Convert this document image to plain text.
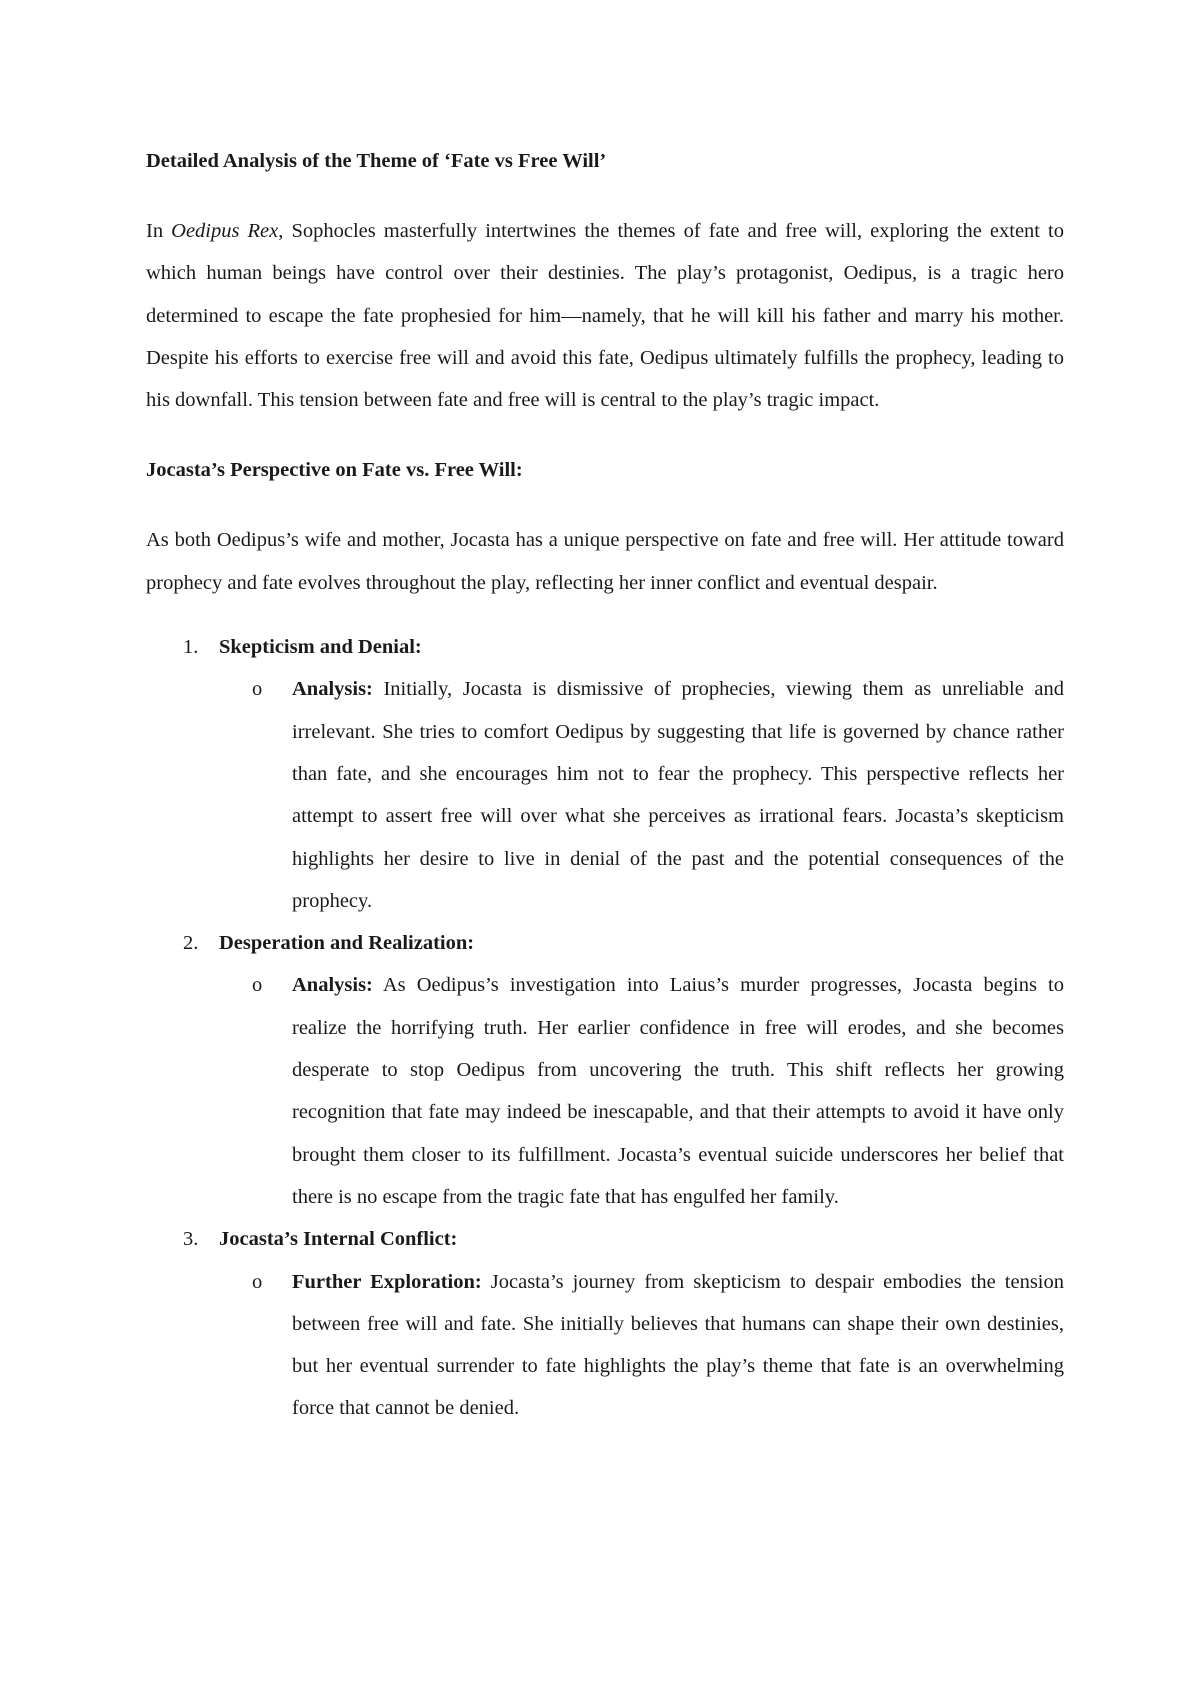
Detailed Analysis of the Theme of ‘Fate vs Free Will’

In Oedipus Rex, Sophocles masterfully intertwines the themes of fate and free will, exploring the extent to which human beings have control over their destinies. The play’s protagonist, Oedipus, is a tragic hero determined to escape the fate prophesied for him—namely, that he will kill his father and marry his mother. Despite his efforts to exercise free will and avoid this fate, Oedipus ultimately fulfills the prophecy, leading to his downfall. This tension between fate and free will is central to the play’s tragic impact.

Jocasta’s Perspective on Fate vs. Free Will:

As both Oedipus’s wife and mother, Jocasta has a unique perspective on fate and free will. Her attitude toward prophecy and fate evolves throughout the play, reflecting her inner conflict and eventual despair.

1. Skepticism and Denial:
o Analysis: Initially, Jocasta is dismissive of prophecies, viewing them as unreliable and irrelevant. She tries to comfort Oedipus by suggesting that life is governed by chance rather than fate, and she encourages him not to fear the prophecy. This perspective reflects her attempt to assert free will over what she perceives as irrational fears. Jocasta’s skepticism highlights her desire to live in denial of the past and the potential consequences of the prophecy.
2. Desperation and Realization:
o Analysis: As Oedipus’s investigation into Laius’s murder progresses, Jocasta begins to realize the horrifying truth. Her earlier confidence in free will erodes, and she becomes desperate to stop Oedipus from uncovering the truth. This shift reflects her growing recognition that fate may indeed be inescapable, and that their attempts to avoid it have only brought them closer to its fulfillment. Jocasta’s eventual suicide underscores her belief that there is no escape from the tragic fate that has engulfed her family.
3. Jocasta’s Internal Conflict:
o Further Exploration: Jocasta’s journey from skepticism to despair embodies the tension between free will and fate. She initially believes that humans can shape their own destinies, but her eventual surrender to fate highlights the play’s theme that fate is an overwhelming force that cannot be denied.
